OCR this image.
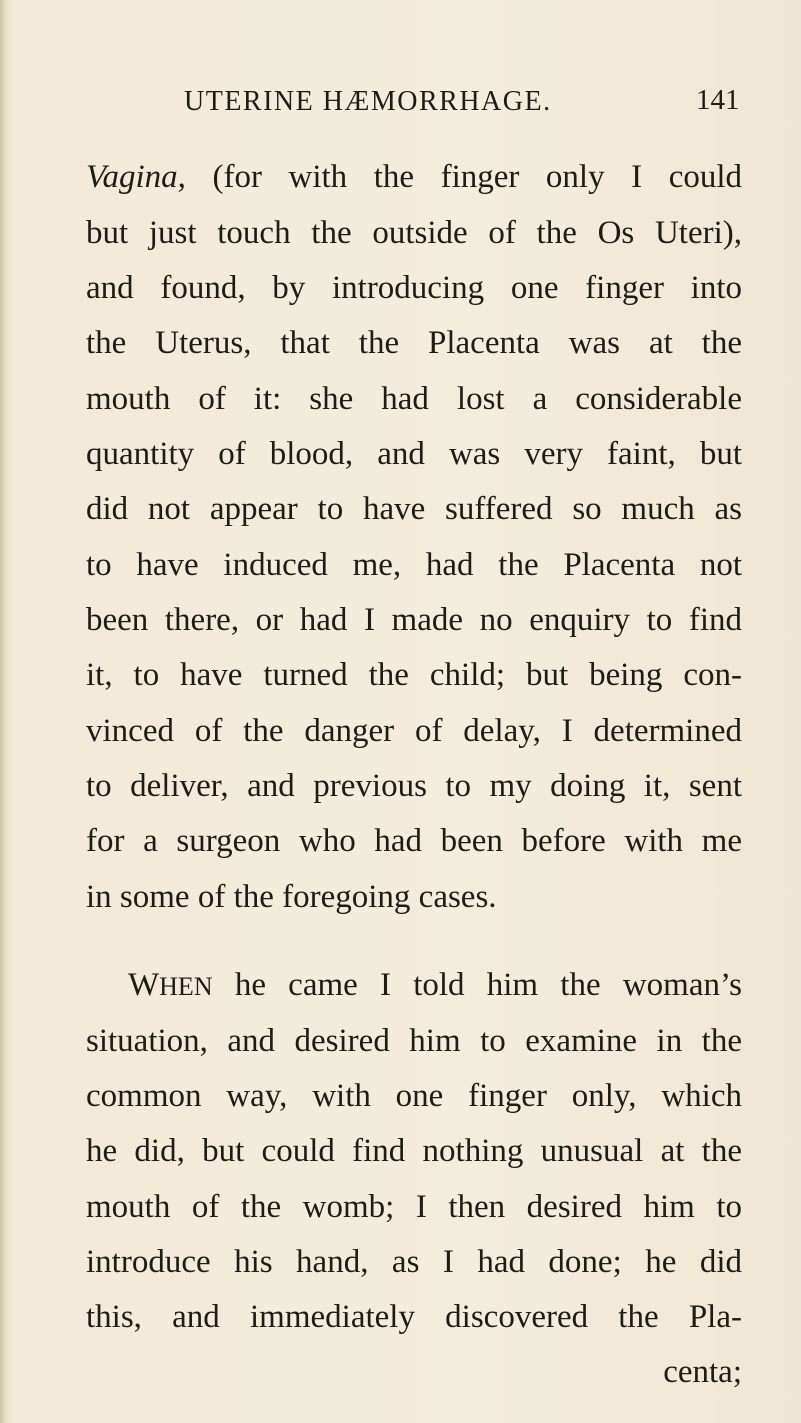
UTERINE HÆMORRHAGE.	141
Vagina, (for with the finger only I could
but just touch the outside of the Os Uteri),
and found, by introducing one finger into
the Uterus, that the Placenta was at the
mouth of it: she had lost a considerable
quantity of blood, and was very faint, but
did not appear to have suffered so much as
to have induced me, had the Placenta not
been there, or had I made no enquiry to find
it, to have turned the child; but being con-
vinced of the danger of delay, I determined
to deliver, and previous to my doing it, sent
for a surgeon who had been before with me
in some of the foregoing cases.
WHEN he came I told him the woman’s
situation, and desired him to examine in the
common way, with one finger only, which
he did, but could find nothing unusual at the
mouth of the womb; I then desired him to
introduce his hand, as I had done; he did
this, and immediately discovered the Pla-
centa;
